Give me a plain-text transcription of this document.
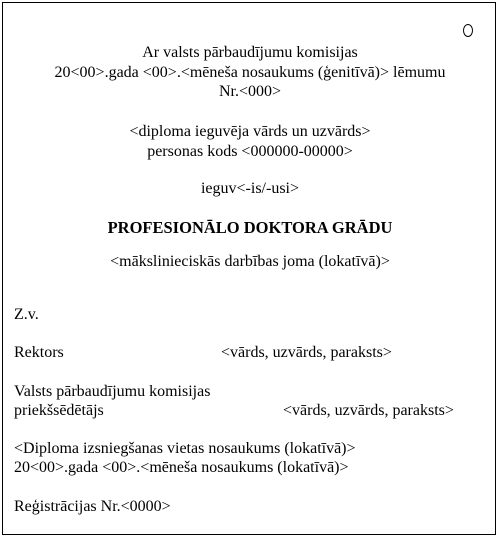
Ar valsts pārbaudījumu komisijas
20<00>.gada <00>.<mēneša nosaukums (ģenitīvā)> lēmumu
Nr.<000>
<diploma ieguvēja vārds un uzvārds>
personas kods <000000-00000>
ieguv<-is/-usi>
PROFESIONĀLO DOKTORA GRĀDU
<mākslinieciskās darbības joma (lokatīvā)>
Z.v.
Rektors	<vārds, uzvārds, paraksts>
Valsts pārbaudījumu komisijas
priekšsēdētājs	<vārds, uzvārds, paraksts>
<Diploma izsniegšanas vietas nosaukums (lokatīvā)>
20<00>.gada <00>.<mēneša nosaukums (lokatīvā)>
Reģistrācijas Nr.<0000>
